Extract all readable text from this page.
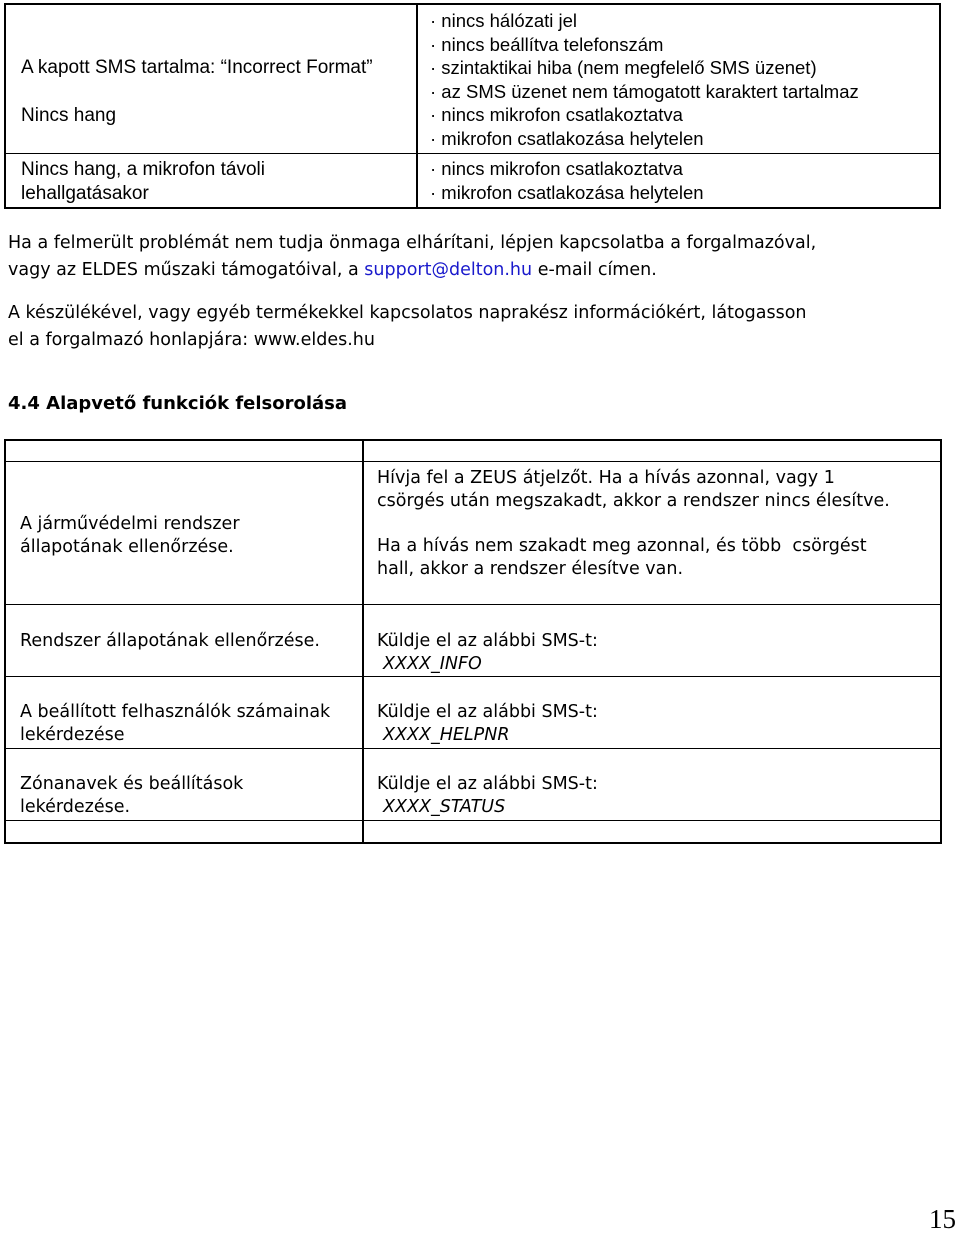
A kapott SMS tartalma: “Incorrect Format”
Nincs hang
Nincs hang, a mikrofon távoli lehallgatásakor
· nincs hálózati jel
· nincs beállítva telefonszám
· szintaktikai hiba (nem megfelelő SMS üzenet)
· az SMS üzenet nem támogatott karaktert tartalmaz
· nincs mikrofon csatlakoztatva
· mikrofon csatlakozása helytelen
· nincs mikrofon csatlakoztatva
· mikrofon csatlakozása helytelen
Ha a felmerült problémát nem tudja önmaga elhárítani, lépjen kapcsolatba a forgalmazóval,
vagy az ELDES műszaki támogatóival, a support@delton.hu e-mail címen.
A készülékével, vagy egyéb termékekkel kapcsolatos naprakész információkért, látogasson
el a forgalmazó honlapjára: www.eldes.hu
4.4 Alapvető funkciók felsorolása
A járművédelmi rendszer állapotának ellenőrzése.
Hívja fel a ZEUS átjelzőt. Ha a hívás azonnal, vagy 1 csörgés után megszakadt, akkor a rendszer nincs élesítve.
Ha a hívás nem szakadt meg azonnal, és több  csörgést hall, akkor a rendszer élesítve van.
Rendszer állapotának ellenőrzése.	Küldje el az alábbi SMS-t:
XXXX_INFO
A beállított felhasználók számainak lekérdezése
Küldje el az alábbi SMS-t:
XXXX_HELPNR
Zónanavek és beállítások lekérdezése.
Küldje el az alábbi SMS-t:
XXXX_STATUS
15
